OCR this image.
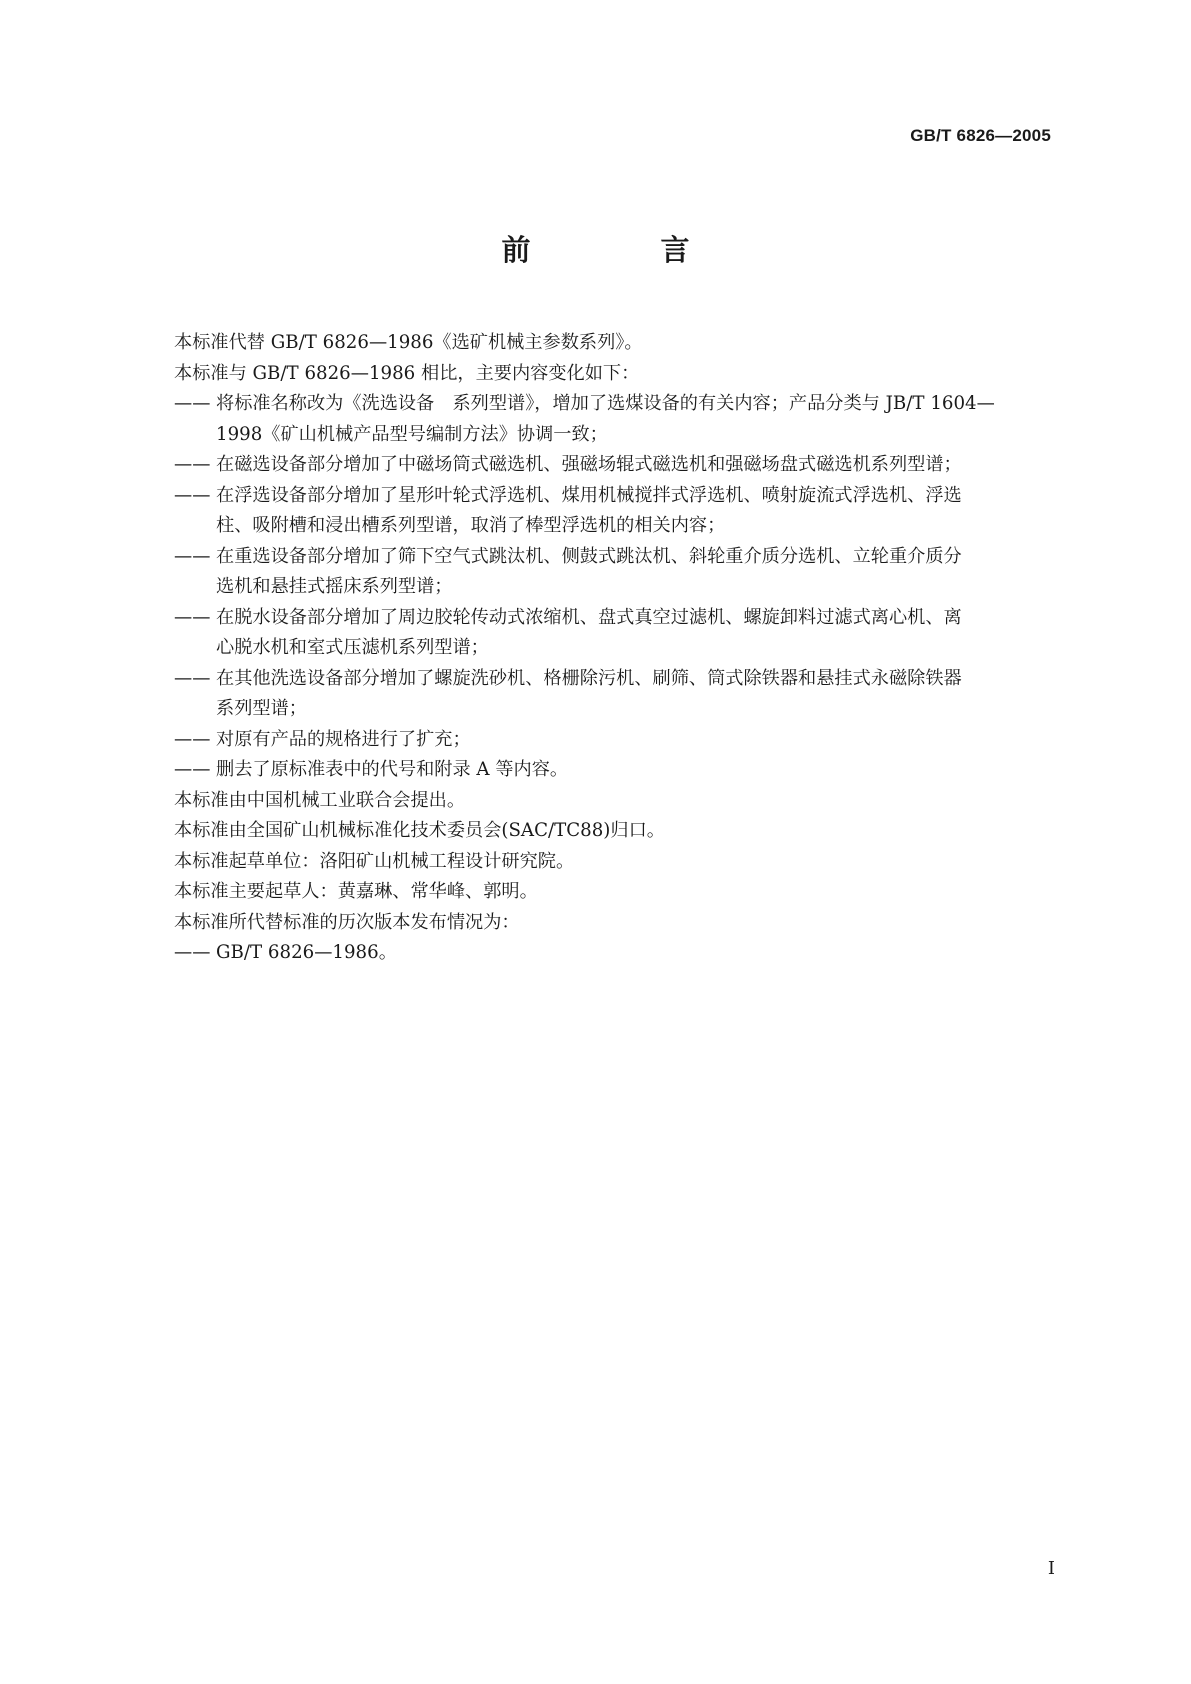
GB/T 6826—2005
前 言
本标准代替 GB/T 6826—1986《选矿机械主参数系列》。
本标准与 GB/T 6826—1986 相比，主要内容变化如下：
—— 将标准名称改为《洗选设备　系列型谱》，增加了选煤设备的有关内容；产品分类与 JB/T 1604—
1998《矿山机械产品型号编制方法》协调一致；
—— 在磁选设备部分增加了中磁场筒式磁选机、强磁场辊式磁选机和强磁场盘式磁选机系列型谱；
—— 在浮选设备部分增加了星形叶轮式浮选机、煤用机械搅拌式浮选机、喷射旋流式浮选机、浮选
柱、吸附槽和浸出槽系列型谱，取消了棒型浮选机的相关内容；
—— 在重选设备部分增加了筛下空气式跳汰机、侧鼓式跳汰机、斜轮重介质分选机、立轮重介质分
选机和悬挂式摇床系列型谱；
—— 在脱水设备部分增加了周边胶轮传动式浓缩机、盘式真空过滤机、螺旋卸料过滤式离心机、离
心脱水机和室式压滤机系列型谱；
—— 在其他洗选设备部分增加了螺旋洗砂机、格栅除污机、刷筛、筒式除铁器和悬挂式永磁除铁器
系列型谱；
—— 对原有产品的规格进行了扩充；
—— 删去了原标准表中的代号和附录 A 等内容。
本标准由中国机械工业联合会提出。
本标准由全国矿山机械标准化技术委员会(SAC/TC88)归口。
本标准起草单位：洛阳矿山机械工程设计研究院。
本标准主要起草人：黄嘉琳、常华峰、郭明。
本标准所代替标准的历次版本发布情况为：
—— GB/T 6826—1986。
I
